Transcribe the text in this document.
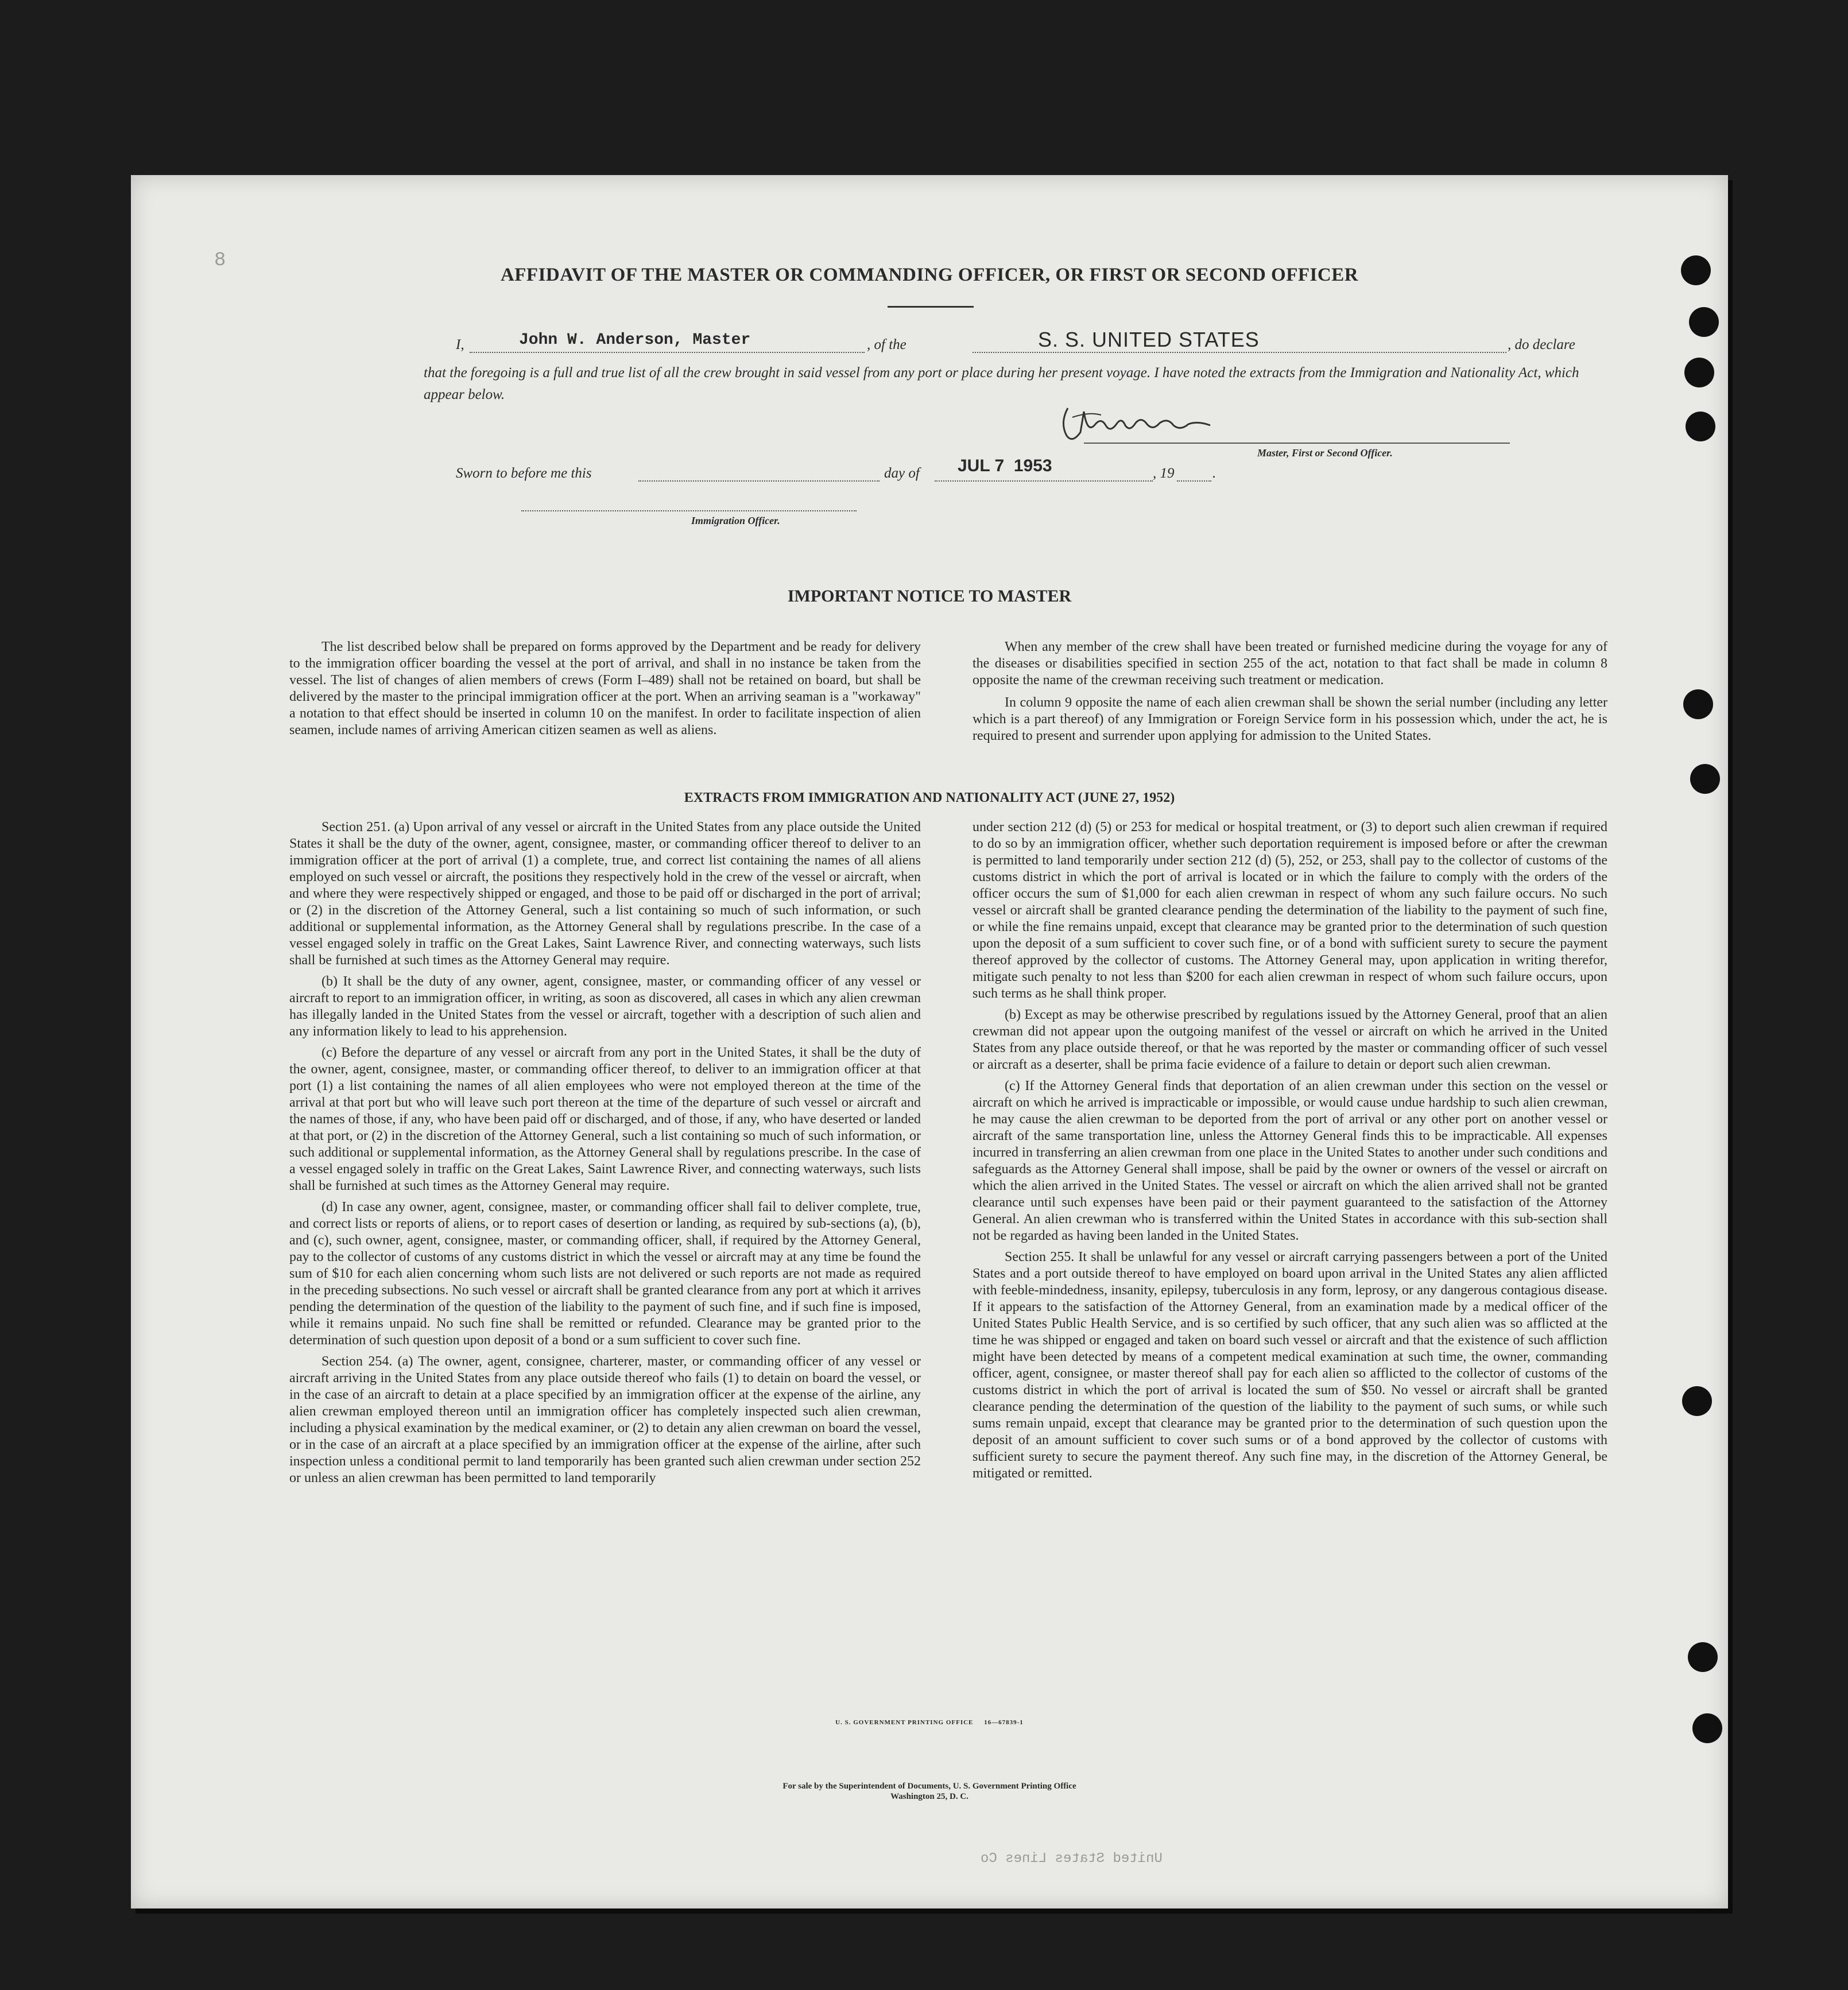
8
United States Lines Co
AFFIDAVIT OF THE MASTER OR COMMANDING OFFICER, OR FIRST OR SECOND OFFICER
I,	John W. Anderson, Master	, of the	S. S. UNITED STATES	, do declare
that the foregoing is a full and true list of all the crew brought in said vessel from any port or place during her present voyage. I have noted the extracts from the Immigration and Nationality Act, which appear below.
Master, First or Second Officer.
Sworn to before me this	day of JUL 7  1953	, 19	.
Immigration Officer.
IMPORTANT NOTICE TO MASTER

The list described below shall be prepared on forms approved by the Department and be ready for delivery to the immigration officer boarding the vessel at the port of arrival, and shall in no instance be taken from the vessel. The list of changes of alien members of crews (Form I–489) shall not be retained on board, but shall be delivered by the master to the principal immigration officer at the port. When an arriving seaman is a "workaway" a notation to that effect should be inserted in column 10 on the manifest. In order to facilitate inspection of alien seamen, include names of arriving American citizen seamen as well as aliens.

When any member of the crew shall have been treated or furnished medicine during the voyage for any of the diseases or disabilities specified in section 255 of the act, notation to that fact shall be made in column 8 opposite the name of the crewman receiving such treatment or medication.

In column 9 opposite the name of each alien crewman shall be shown the serial number (including any letter which is a part thereof) of any Immigration or Foreign Service form in his possession which, under the act, he is required to present and surrender upon applying for admission to the United States.

EXTRACTS FROM IMMIGRATION AND NATIONALITY ACT (JUNE 27, 1952)

Section 251. (a) Upon arrival of any vessel or aircraft in the United States from any place outside the United States it shall be the duty of the owner, agent, consignee, master, or commanding officer thereof to deliver to an immigration officer at the port of arrival (1) a complete, true, and correct list containing the names of all aliens employed on such vessel or aircraft, the positions they respectively hold in the crew of the vessel or aircraft, when and where they were respectively shipped or engaged, and those to be paid off or discharged in the port of arrival; or (2) in the discretion of the Attorney General, such a list containing so much of such information, or such additional or supplemental information, as the Attorney General shall by regulations prescribe. In the case of a vessel engaged solely in traffic on the Great Lakes, Saint Lawrence River, and connecting waterways, such lists shall be furnished at such times as the Attorney General may require.

(b) It shall be the duty of any owner, agent, consignee, master, or commanding officer of any vessel or aircraft to report to an immigration officer, in writing, as soon as discovered, all cases in which any alien crewman has illegally landed in the United States from the vessel or aircraft, together with a description of such alien and any information likely to lead to his apprehension.

(c) Before the departure of any vessel or aircraft from any port in the United States, it shall be the duty of the owner, agent, consignee, master, or commanding officer thereof, to deliver to an immigration officer at that port (1) a list containing the names of all alien employees who were not employed thereon at the time of the arrival at that port but who will leave such port thereon at the time of the departure of such vessel or aircraft and the names of those, if any, who have been paid off or discharged, and of those, if any, who have deserted or landed at that port, or (2) in the discretion of the Attorney General, such a list containing so much of such information, or such additional or supplemental information, as the Attorney General shall by regulations prescribe. In the case of a vessel engaged solely in traffic on the Great Lakes, Saint Lawrence River, and connecting waterways, such lists shall be furnished at such times as the Attorney General may require.

(d) In case any owner, agent, consignee, master, or commanding officer shall fail to deliver complete, true, and correct lists or reports of aliens, or to report cases of desertion or landing, as required by sub-sections (a), (b), and (c), such owner, agent, consignee, master, or commanding officer, shall, if required by the Attorney General, pay to the collector of customs of any customs district in which the vessel or aircraft may at any time be found the sum of $10 for each alien concerning whom such lists are not delivered or such reports are not made as required in the preceding subsections. No such vessel or aircraft shall be granted clearance from any port at which it arrives pending the determination of the question of the liability to the payment of such fine, and if such fine is imposed, while it remains unpaid. No such fine shall be remitted or refunded. Clearance may be granted prior to the determination of such question upon deposit of a bond or a sum sufficient to cover such fine.

Section 254. (a) The owner, agent, consignee, charterer, master, or commanding officer of any vessel or aircraft arriving in the United States from any place outside thereof who fails (1) to detain on board the vessel, or in the case of an aircraft to detain at a place specified by an immigration officer at the expense of the airline, any alien crewman employed thereon until an immigration officer has completely inspected such alien crewman, including a physical examination by the medical examiner, or (2) to detain any alien crewman on board the vessel, or in the case of an aircraft at a place specified by an immigration officer at the expense of the airline, after such inspection unless a conditional permit to land temporarily has been granted such alien crewman under section 252 or unless an alien crewman has been permitted to land temporarily

under section 212 (d) (5) or 253 for medical or hospital treatment, or (3) to deport such alien crewman if required to do so by an immigration officer, whether such deportation requirement is imposed before or after the crewman is permitted to land temporarily under section 212 (d) (5), 252, or 253, shall pay to the collector of customs of the customs district in which the port of arrival is located or in which the failure to comply with the orders of the officer occurs the sum of $1,000 for each alien crewman in respect of whom any such failure occurs. No such vessel or aircraft shall be granted clearance pending the determination of the liability to the payment of such fine, or while the fine remains unpaid, except that clearance may be granted prior to the determination of such question upon the deposit of a sum sufficient to cover such fine, or of a bond with sufficient surety to secure the payment thereof approved by the collector of customs. The Attorney General may, upon application in writing therefor, mitigate such penalty to not less than $200 for each alien crewman in respect of whom such failure occurs, upon such terms as he shall think proper.

(b) Except as may be otherwise prescribed by regulations issued by the Attorney General, proof that an alien crewman did not appear upon the outgoing manifest of the vessel or aircraft on which he arrived in the United States from any place outside thereof, or that he was reported by the master or commanding officer of such vessel or aircraft as a deserter, shall be prima facie evidence of a failure to detain or deport such alien crewman.

(c) If the Attorney General finds that deportation of an alien crewman under this section on the vessel or aircraft on which he arrived is impracticable or impossible, or would cause undue hardship to such alien crewman, he may cause the alien crewman to be deported from the port of arrival or any other port on another vessel or aircraft of the same transportation line, unless the Attorney General finds this to be impracticable. All expenses incurred in transferring an alien crewman from one place in the United States to another under such conditions and safeguards as the Attorney General shall impose, shall be paid by the owner or owners of the vessel or aircraft on which the alien arrived in the United States. The vessel or aircraft on which the alien arrived shall not be granted clearance until such expenses have been paid or their payment guaranteed to the satisfaction of the Attorney General. An alien crewman who is transferred within the United States in accordance with this sub-section shall not be regarded as having been landed in the United States.

Section 255. It shall be unlawful for any vessel or aircraft carrying passengers between a port of the United States and a port outside thereof to have employed on board upon arrival in the United States any alien afflicted with feeble-mindedness, insanity, epilepsy, tuberculosis in any form, leprosy, or any dangerous contagious disease. If it appears to the satisfaction of the Attorney General, from an examination made by a medical officer of the United States Public Health Service, and is so certified by such officer, that any such alien was so afflicted at the time he was shipped or engaged and taken on board such vessel or aircraft and that the existence of such affliction might have been detected by means of a competent medical examination at such time, the owner, commanding officer, agent, consignee, or master thereof shall pay for each alien so afflicted to the collector of customs of the customs district in which the port of arrival is located the sum of $50. No vessel or aircraft shall be granted clearance pending the determination of the question of the liability to the payment of such sums, or while such sums remain unpaid, except that clearance may be granted prior to the determination of such question upon the deposit of an amount sufficient to cover such sums or of a bond approved by the collector of customs with sufficient surety to secure the payment thereof. Any such fine may, in the discretion of the Attorney General, be mitigated or remitted.

U. S. GOVERNMENT PRINTING OFFICE     16—67839-1
For sale by the Superintendent of Documents, U. S. Government Printing Office
Washington 25, D. C.
